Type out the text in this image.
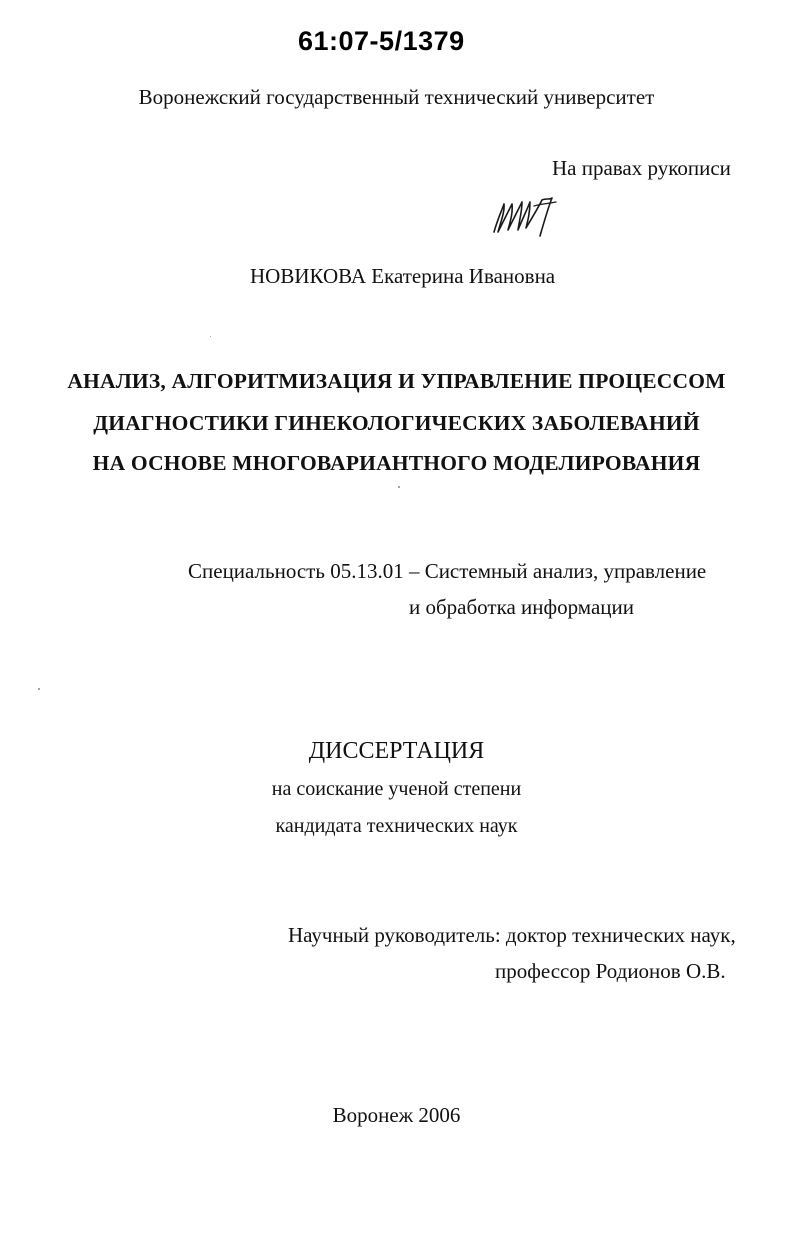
61:07-5/1379
Воронежский государственный технический университет
На правах рукописи
НОВИКОВА Екатерина Ивановна
АНАЛИЗ, АЛГОРИТМИЗАЦИЯ И УПРАВЛЕНИЕ ПРОЦЕССОМ
ДИАГНОСТИКИ ГИНЕКОЛОГИЧЕСКИХ ЗАБОЛЕВАНИЙ
НА ОСНОВЕ МНОГОВАРИАНТНОГО МОДЕЛИРОВАНИЯ
Специальность 05.13.01 – Системный анализ, управление
и обработка информации
ДИССЕРТАЦИЯ
на соискание ученой степени
кандидата технических наук
Научный руководитель: доктор технических наук,
профессор Родионов О.В.
Воронеж 2006
